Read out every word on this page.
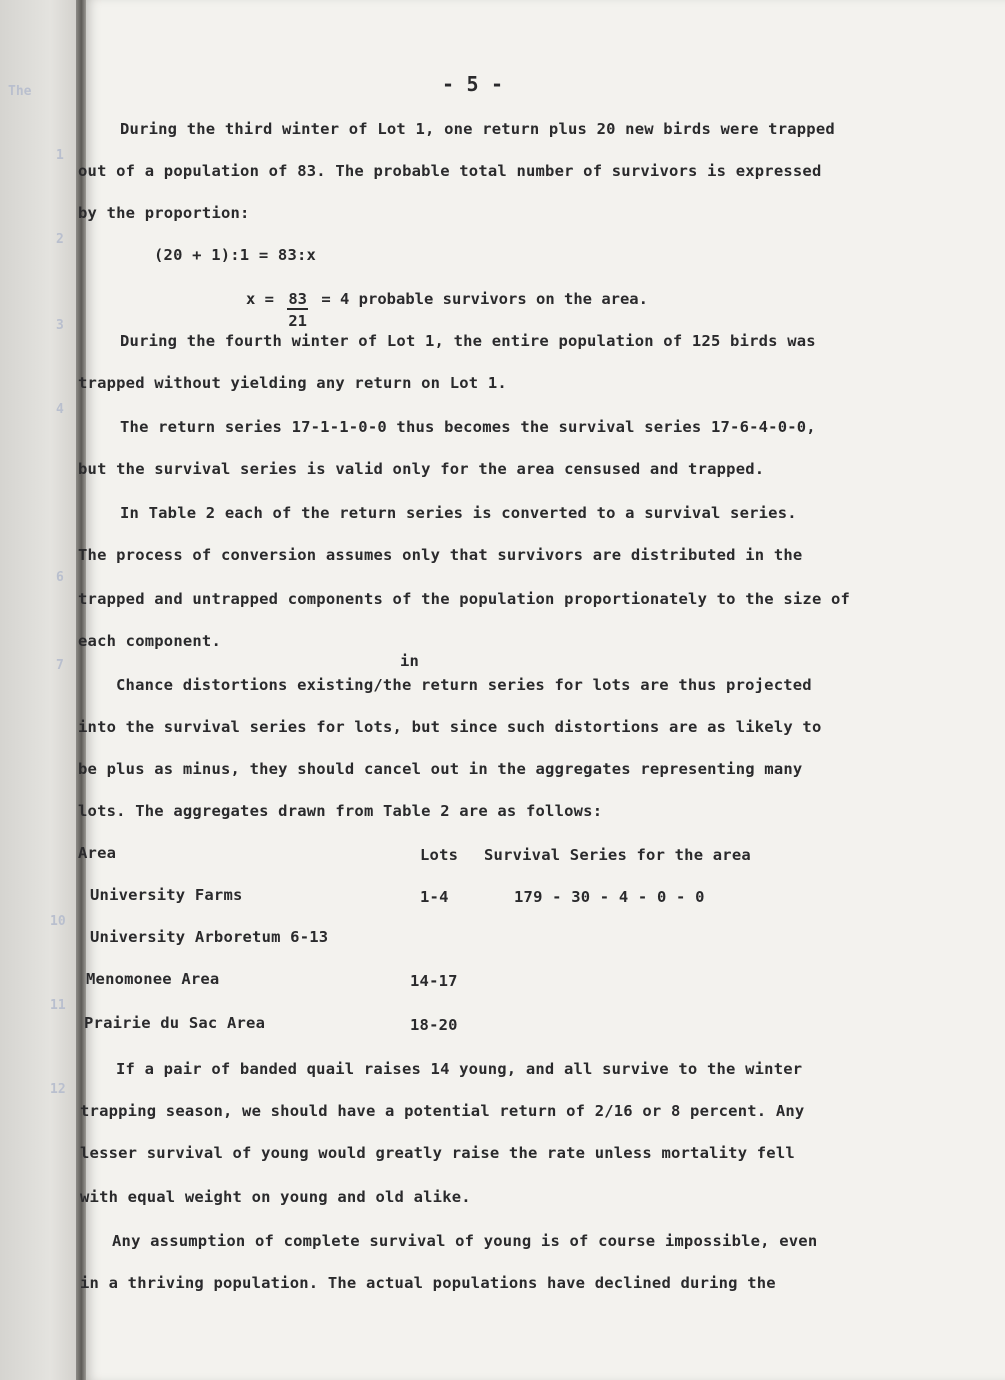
The
1
2
3
4
6
7
10
11
12
- 5 -
During the third winter of Lot 1, one return plus 20 new birds were trapped
out of a population of 83. The probable total number of survivors is expressed
by the proportion:
(20 + 1):1 = 83:x
$x = \frac{83}{21} = 4$ probable survivors on the area.
During the fourth winter of Lot 1, the entire population of 125 birds was
trapped without yielding any return on Lot 1.
The return series 17-1-1-0-0 thus becomes the survival series 17-6-4-0-0,
but the survival series is valid only for the area censused and trapped.
In Table 2 each of the return series is converted to a survival series.
The process of conversion assumes only that survivors are distributed in the
trapped and untrapped components of the population proportionately to the size of
each component.
in
Chance distortions existing/the return series for lots are thus projected
into the survival series for lots, but since such distortions are as likely to
be plus as minus, they should cancel out in the aggregates representing many
lots. The aggregates drawn from Table 2 are as follows:
Area	Lots Survival Series for the area
University Farms	1-4	179 - 30 - 4 - 0 - 0
University Arboretum 6-13
Menomonee Area	14-17
Prairie du Sac Area	18-20
If a pair of banded quail raises 14 young, and all survive to the winter
trapping season, we should have a potential return of 2/16 or 8 percent. Any
lesser survival of young would greatly raise the rate unless mortality fell
with equal weight on young and old alike.
Any assumption of complete survival of young is of course impossible, even
in a thriving population. The actual populations have declined during the
